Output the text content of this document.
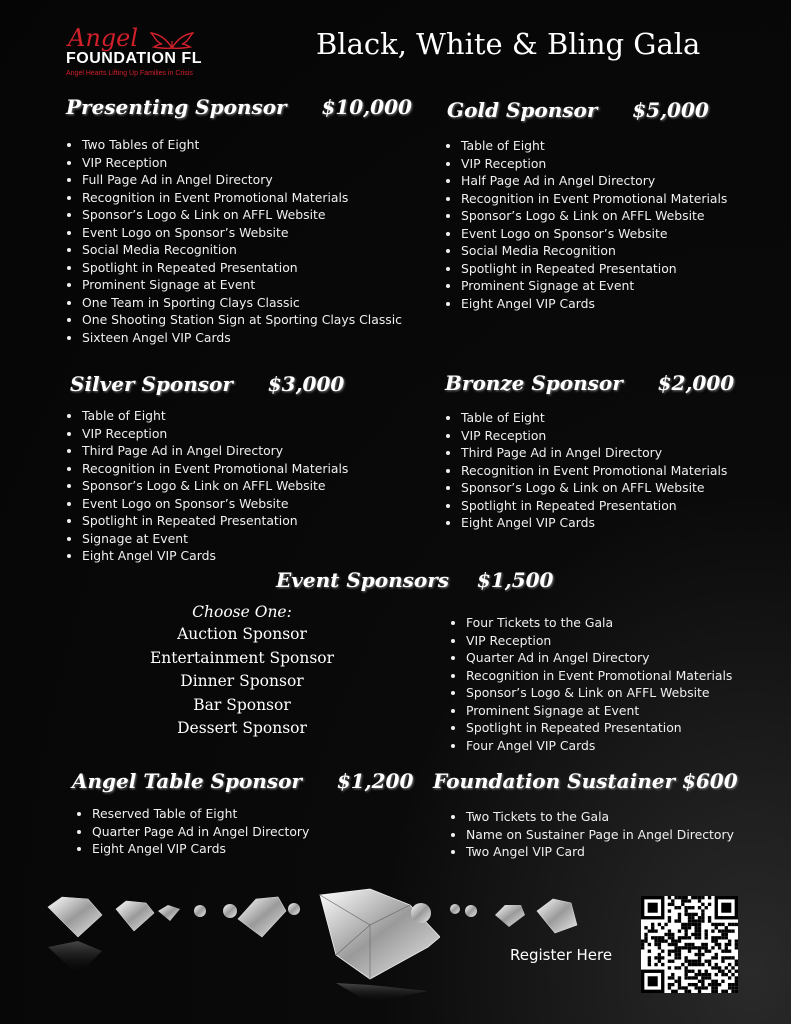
Angel
FOUNDATION FL
Angel Hearts Lifting Up Families in Crisis
Black, White & Bling Gala
Presenting Sponsor $10,000
• Two Tables of Eight
• VIP Reception
• Full Page Ad in Angel Directory
• Recognition in Event Promotional Materials
• Sponsor’s Logo & Link on AFFL Website
• Event Logo on Sponsor’s Website
• Social Media Recognition
• Spotlight in Repeated Presentation
• Prominent Signage at Event
• One Team in Sporting Clays Classic
• One Shooting Station Sign at Sporting Clays Classic
• Sixteen Angel VIP Cards
Gold Sponsor $5,000
• Table of Eight
• VIP Reception
• Half Page Ad in Angel Directory
• Recognition in Event Promotional Materials
• Sponsor’s Logo & Link on AFFL Website
• Event Logo on Sponsor’s Website
• Social Media Recognition
• Spotlight in Repeated Presentation
• Prominent Signage at Event
• Eight Angel VIP Cards
Silver Sponsor $3,000
• Table of Eight
• VIP Reception
• Third Page Ad in Angel Directory
• Recognition in Event Promotional Materials
• Sponsor’s Logo & Link on AFFL Website
• Event Logo on Sponsor’s Website
• Spotlight in Repeated Presentation
• Signage at Event
• Eight Angel VIP Cards
Bronze Sponsor $2,000
• Table of Eight
• VIP Reception
• Third Page Ad in Angel Directory
• Recognition in Event Promotional Materials
• Sponsor’s Logo & Link on AFFL Website
• Spotlight in Repeated Presentation
• Eight Angel VIP Cards
Event Sponsors $1,500
Choose One:
Auction Sponsor
Entertainment Sponsor
Dinner Sponsor
Bar Sponsor
Dessert Sponsor
• Four Tickets to the Gala
• VIP Reception
• Quarter Ad in Angel Directory
• Recognition in Event Promotional Materials
• Sponsor’s Logo & Link on AFFL Website
• Prominent Signage at Event
• Spotlight in Repeated Presentation
• Four Angel VIP Cards
Angel Table Sponsor $1,200
• Reserved Table of Eight
• Quarter Page Ad in Angel Directory
• Eight Angel VIP Cards
Foundation Sustainer $600
• Two Tickets to the Gala
• Name on Sustainer Page in Angel Directory
• Two Angel VIP Card
Register Here
